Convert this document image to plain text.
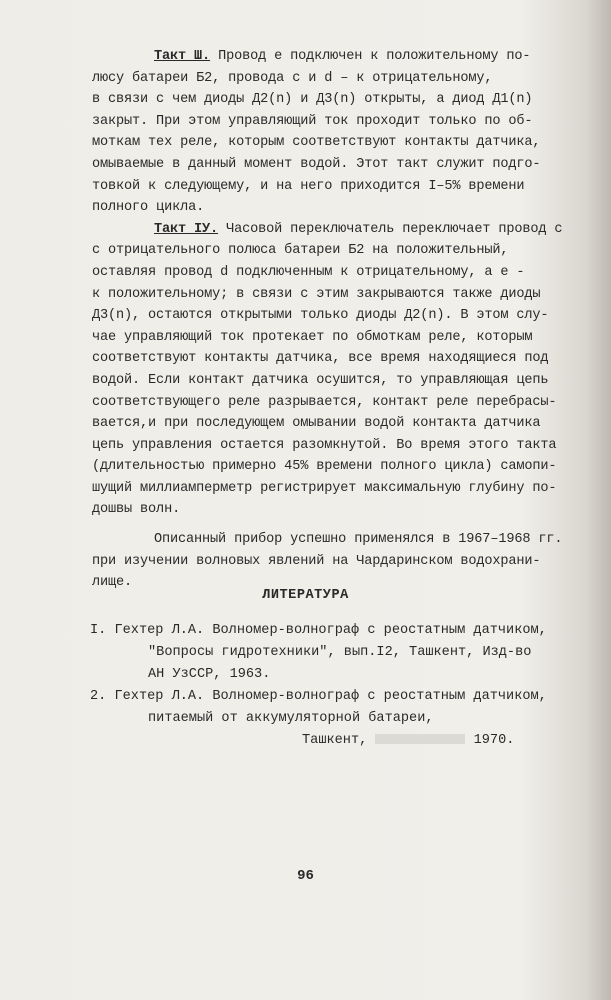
Такт Ш. Провод e подключен к положительному по-
люсу батареи Б2, провода c и d – к отрицательному,
в связи с чем диоды Д2(n) и Д3(n) открыты, а диод Д1(n)
закрыт. При этом управляющий ток проходит только по об-
моткам тех реле, которым соответствуют контакты датчика,
омываемые в данный момент водой. Этот такт служит подго-
товкой к следующему, и на него приходится I–5% времени
полного цикла.
Такт IУ. Часовой переключатель переключает провод c
с отрицательного полюса батареи Б2 на положительный,
оставляя провод d подключенным к отрицательному, а e -
к положительному; в связи с этим закрываются также диоды
Д3(n), остаются открытыми только диоды Д2(n). В этом слу-
чае управляющий ток протекает по обмоткам реле, которым
соответствуют контакты датчика, все время находящиеся под
водой. Если контакт датчика осушится, то управляющая цепь
соответствующего реле разрывается, контакт реле перебрасы-
вается,и при последующем омывании водой контакта датчика
цепь управления остается разомкнутой. Во время этого такта
(длительностью примерно 45% времени полного цикла) самопи-
шущий миллиамперметр регистрирует максимальную глубину по-
дошвы волн.
Описанный прибор успешно применялся в 1967–1968 гг.
при изучении волновых явлений на Чардаринском водохрани-
лище.
ЛИТЕРАТУРА
I. Гехтер Л.А. Волномер-волнограф с реостатным датчиком,
"Вопросы гидротехники", вып.I2, Ташкент, Изд-во
АН УзССР, 1963.
2. Гехтер Л.А. Волномер-волнограф с реостатным датчиком,
питаемый от аккумуляторной батареи,
Ташкент,	1970.
96
